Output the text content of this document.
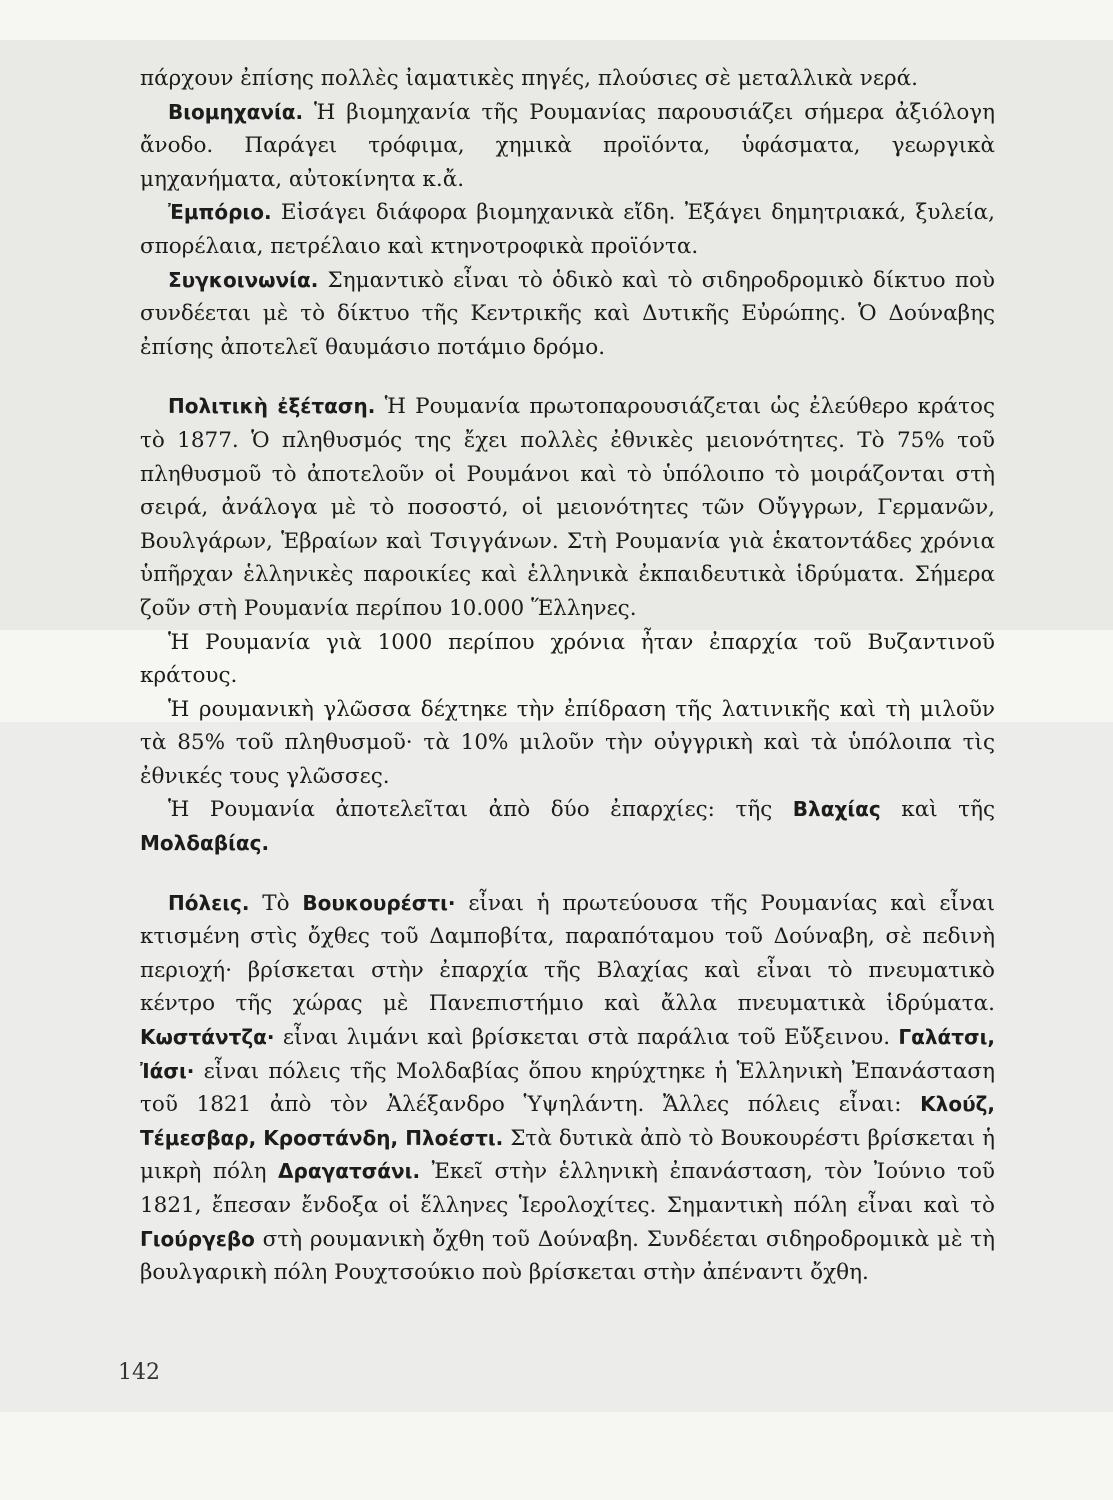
πάρχουν ἐπίσης πολλὲς ἰαματικὲς πηγές, πλούσιες σὲ μεταλλικὰ νερά.

Βιομηχανία. Ἡ βιομηχανία τῆς Ρουμανίας παρουσιάζει σήμερα ἀξιόλογη ἄνοδο. Παράγει τρόφιμα, χημικὰ προϊόντα, ὑφάσματα, γεωργικὰ μηχανήματα, αὐτοκίνητα κ.ἄ.

Ἐμπόριο. Εἰσάγει διάφορα βιομηχανικὰ εἴδη. Ἐξάγει δημητριακά, ξυλεία, σπορέλαια, πετρέλαιο καὶ κτηνοτροφικὰ προϊόντα.

Συγκοινωνία. Σημαντικὸ εἶναι τὸ ὁδικὸ καὶ τὸ σιδηροδρομικὸ δίκτυο ποὺ συνδέεται μὲ τὸ δίκτυο τῆς Κεντρικῆς καὶ Δυτικῆς Εὐρώπης. Ὁ Δούναβης ἐπίσης ἀποτελεῖ θαυμάσιο ποτάμιο δρόμο.

Πολιτικὴ ἐξέταση. Ἡ Ρουμανία πρωτοπαρουσιάζεται ὡς ἐλεύθερο κράτος τὸ 1877. Ὁ πληθυσμός της ἔχει πολλὲς ἐθνικὲς μειονότητες. Τὸ 75% τοῦ πληθυσμοῦ τὸ ἀποτελοῦν οἱ Ρουμάνοι καὶ τὸ ὑπόλοιπο τὸ μοιράζονται στὴ σειρά, ἀνάλογα μὲ τὸ ποσοστό, οἱ μειονότητες τῶν Οὔγγρων, Γερμανῶν, Βουλγάρων, Ἑβραίων καὶ Τσιγγάνων. Στὴ Ρουμανία γιὰ ἑκατοντάδες χρόνια ὑπῆρχαν ἑλληνικὲς παροικίες καὶ ἑλληνικὰ ἐκπαιδευτικὰ ἱδρύματα. Σήμερα ζοῦν στὴ Ρουμανία περίπου 10.000 Ἕλληνες.

Ἡ Ρουμανία γιὰ 1000 περίπου χρόνια ἦταν ἐπαρχία τοῦ Βυζαντινοῦ κράτους.

Ἡ ρουμανικὴ γλῶσσα δέχτηκε τὴν ἐπίδραση τῆς λατινικῆς καὶ τὴ μιλοῦν τὰ 85% τοῦ πληθυσμοῦ· τὰ 10% μιλοῦν τὴν οὐγγρικὴ καὶ τὰ ὑπόλοιπα τὶς ἐθνικές τους γλῶσσες.

Ἡ Ρουμανία ἀποτελεῖται ἀπὸ δύο ἐπαρχίες: τῆς Βλαχίας καὶ τῆς Μολδαβίας.

Πόλεις. Τὸ Βουκουρέστι· εἶναι ἡ πρωτεύουσα τῆς Ρουμανίας καὶ εἶναι κτισμένη στὶς ὄχθες τοῦ Δαμποβίτα, παραπόταμου τοῦ Δούναβη, σὲ πεδινὴ περιοχή· βρίσκεται στὴν ἐπαρχία τῆς Βλαχίας καὶ εἶναι τὸ πνευματικὸ κέντρο τῆς χώρας μὲ Πανεπιστήμιο καὶ ἄλλα πνευματικὰ ἱδρύματα. Κωστάντζα· εἶναι λιμάνι καὶ βρίσκεται στὰ παράλια τοῦ Εὔξεινου. Γαλάτσι, Ἰάσι· εἶναι πόλεις τῆς Μολδαβίας ὅπου κηρύχτηκε ἡ Ἑλληνικὴ Ἐπανάσταση τοῦ 1821 ἀπὸ τὸν Ἀλέξανδρο Ὑψηλάντη. Ἄλλες πόλεις εἶναι: Κλούζ, Τέμεσβαρ, Κροστάνδη, Πλοέστι. Στὰ δυτικὰ ἀπὸ τὸ Βουκουρέστι βρίσκεται ἡ μικρὴ πόλη Δραγατσάνι. Ἐκεῖ στὴν ἑλληνικὴ ἐπανάσταση, τὸν Ἰούνιο τοῦ 1821, ἔπεσαν ἔνδοξα οἱ ἕλληνες Ἱερολοχίτες. Σημαντικὴ πόλη εἶναι καὶ τὸ Γιούργεβο στὴ ρουμανικὴ ὄχθη τοῦ Δούναβη. Συνδέεται σιδηροδρομικὰ μὲ τὴ βουλγαρικὴ πόλη Ρουχτσούκιο ποὺ βρίσκεται στὴν ἀπέναντι ὄχθη.

142
